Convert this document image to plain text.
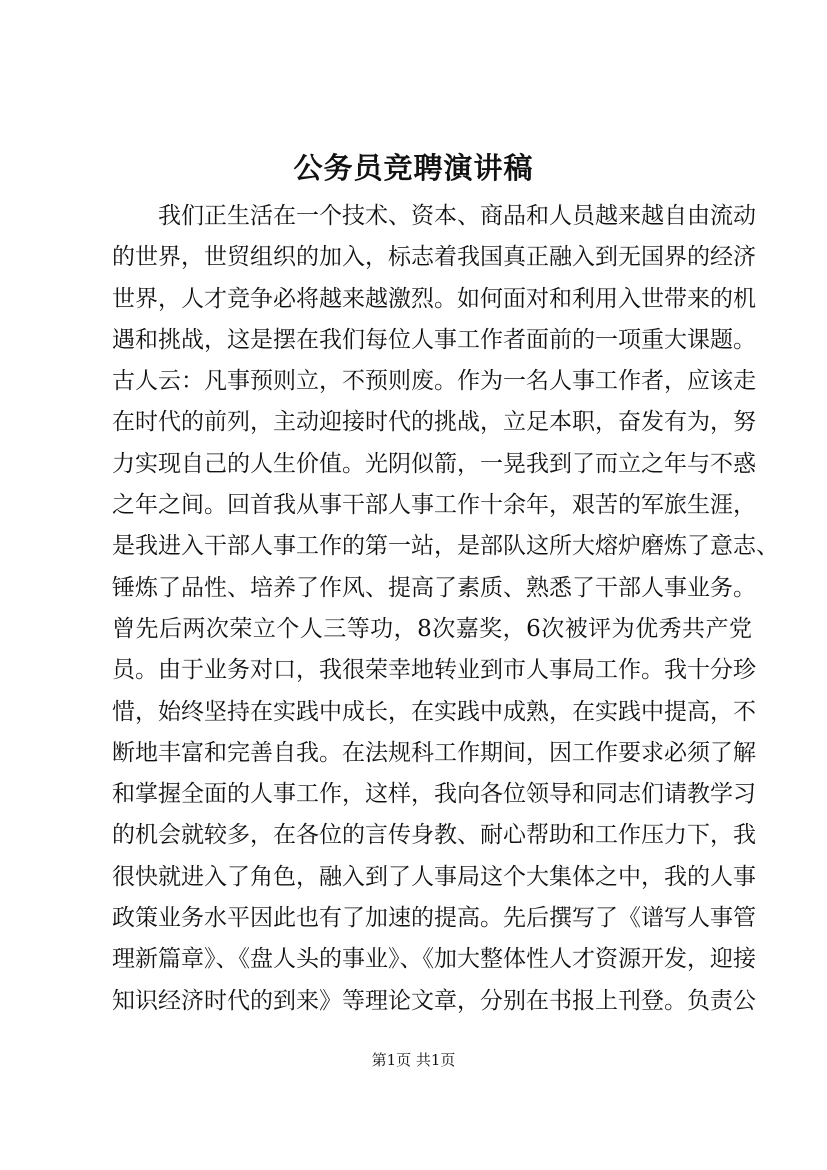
公务员竞聘演讲稿
我们正生活在一个技术、资本、商品和人员越来越自由流动
的世界，世贸组织的加入，标志着我国真正融入到无国界的经济
世界，人才竞争必将越来越激烈。如何面对和利用入世带来的机
遇和挑战，这是摆在我们每位人事工作者面前的一项重大课题。
古人云：凡事预则立，不预则废。作为一名人事工作者，应该走
在时代的前列，主动迎接时代的挑战，立足本职，奋发有为，努
力实现自己的人生价值。光阴似箭，一晃我到了而立之年与不惑
之年之间。回首我从事干部人事工作十余年，艰苦的军旅生涯，
是我进入干部人事工作的第一站，是部队这所大熔炉磨炼了意志、
锤炼了品性、培养了作风、提高了素质、熟悉了干部人事业务。
曾先后两次荣立个人三等功，8次嘉奖，6次被评为优秀共产党
员。由于业务对口，我很荣幸地转业到市人事局工作。我十分珍
惜，始终坚持在实践中成长，在实践中成熟，在实践中提高，不
断地丰富和完善自我。在法规科工作期间，因工作要求必须了解
和掌握全面的人事工作，这样，我向各位领导和同志们请教学习
的机会就较多，在各位的言传身教、耐心帮助和工作压力下，我
很快就进入了角色，融入到了人事局这个大集体之中，我的人事
政策业务水平因此也有了加速的提高。先后撰写了《谱写人事管
理新篇章》、《盘人头的事业》、《加大整体性人才资源开发，迎接
知识经济时代的到来》等理论文章，分别在书报上刊登。负责公
第1页 共1页
